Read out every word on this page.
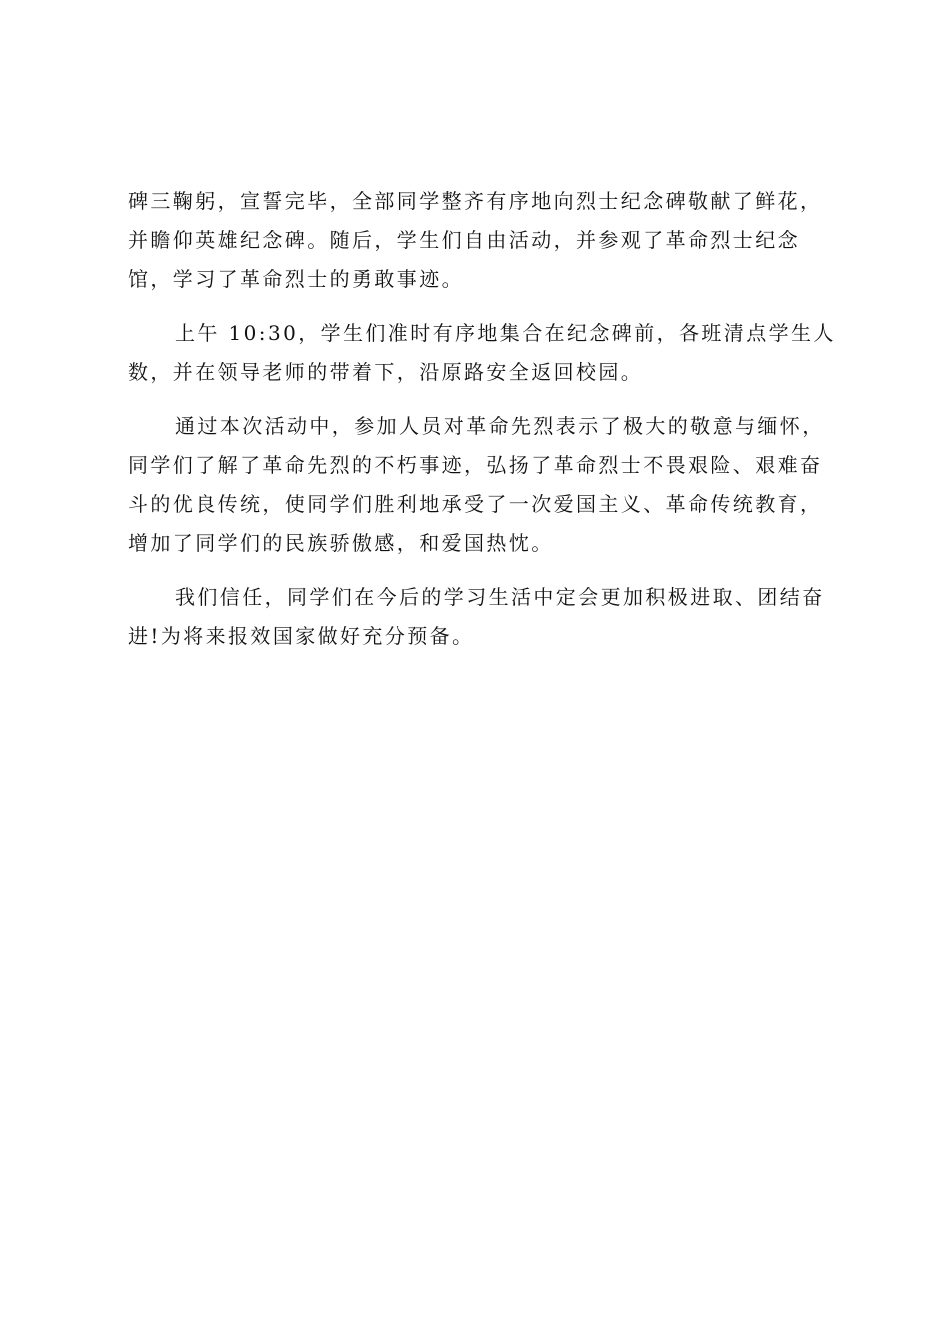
碑三鞠躬，宣誓完毕，全部同学整齐有序地向烈士纪念碑敬献了鲜花，
并瞻仰英雄纪念碑。随后，学生们自由活动，并参观了革命烈士纪念
馆，学习了革命烈士的勇敢事迹。

上午 10:30，学生们准时有序地集合在纪念碑前，各班清点学生人
数，并在领导老师的带着下，沿原路安全返回校园。

通过本次活动中，参加人员对革命先烈表示了极大的敬意与缅怀，
同学们了解了革命先烈的不朽事迹，弘扬了革命烈士不畏艰险、艰难奋
斗的优良传统，使同学们胜利地承受了一次爱国主义、革命传统教育，
增加了同学们的民族骄傲感，和爱国热忱。

我们信任，同学们在今后的学习生活中定会更加积极进取、团结奋
进!为将来报效国家做好充分预备。
